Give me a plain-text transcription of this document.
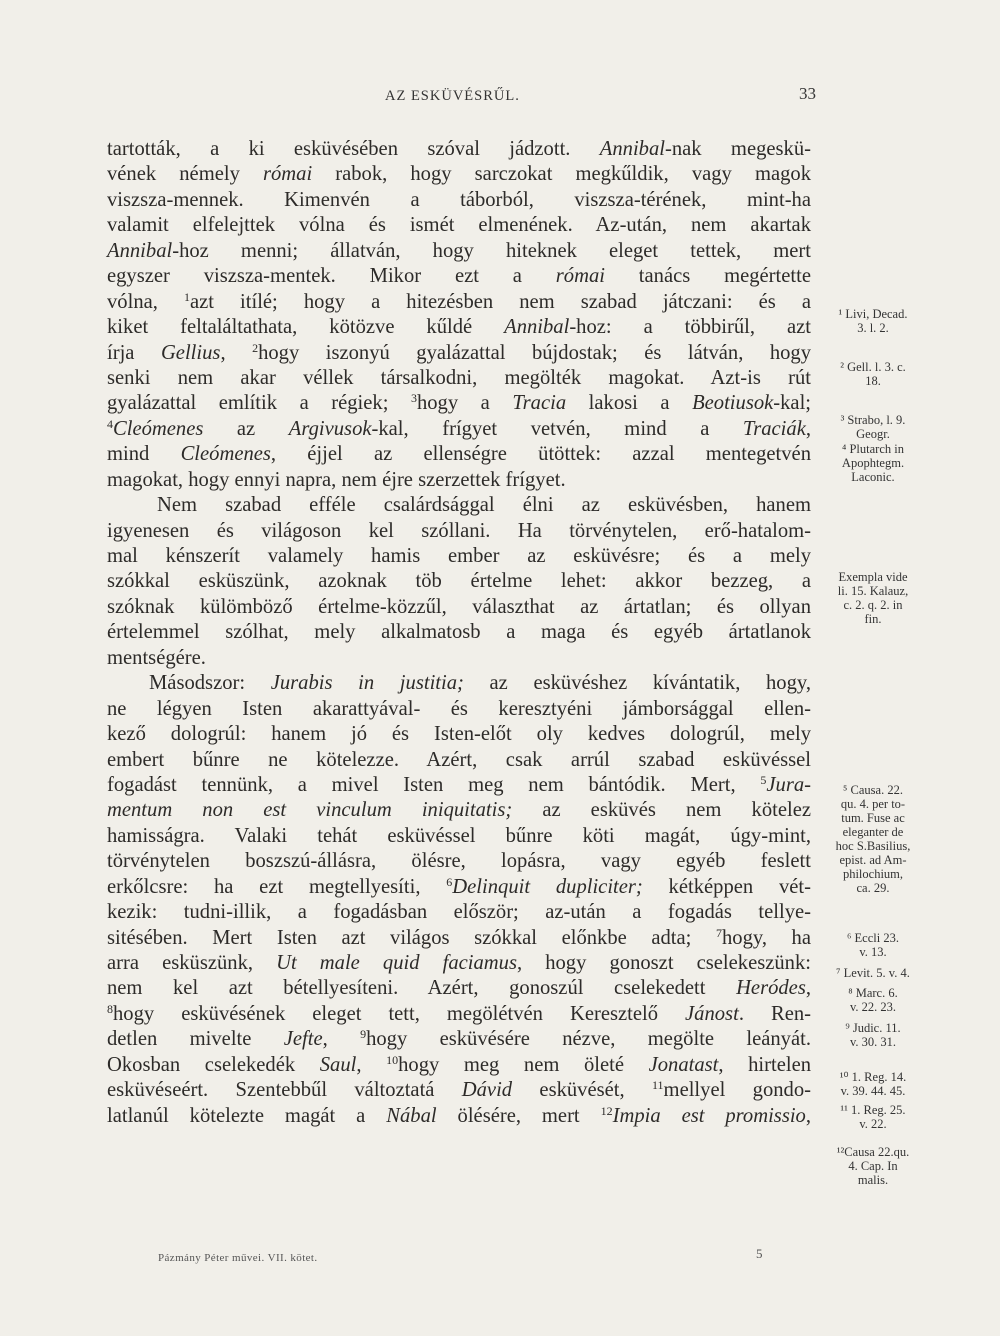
AZ ESKÜVÉSRŰL.	33
tartották, a ki esküvésében szóval jádzott. Annibal-nak megeskü-
vének némely római rabok, hogy sarczokat megkűldik, vagy magok
viszsza-mennek. Kimenvén a táborból, viszsza-térének, mint-ha
valamit elfelejttek vólna és ismét elmenének. Az-után, nem akartak
Annibal-hoz menni; állatván, hogy hiteknek eleget tettek, mert
egyszer viszsza-mentek. Mikor ezt a római tanács megértette
vólna, $^1$azt itílé; hogy a hitezésben nem szabad játczani: és a
kiket feltaláltathata, kötözve kűldé Annibal-hoz: a többirűl, azt
írja Gellius, $^2$hogy iszonyú gyalázattal bújdostak; és látván, hogy
senki nem akar véllek társalkodni, megölték magokat. Azt-is rút
gyalázattal említik a régiek; $^3$hogy a Tracia lakosi a Beotiusok-kal;
$^4$Cleómenes az Argivusok-kal, frígyet vetvén, mind a Traciák,
mind Cleómenes, éjjel az ellenségre ütöttek: azzal mentegetvén
magokat, hogy ennyi napra, nem éjre szerzettek frígyet.
Nem szabad efféle csalárdsággal élni az esküvésben, hanem
igyenesen és világoson kel szóllani. Ha törvénytelen, erő-hatalom-
mal kénszerít valamely hamis ember az esküvésre; és a mely
szókkal esküszünk, azoknak töb értelme lehet: akkor bezzeg, a
szóknak külömböző értelme-közzűl, választhat az ártatlan; és ollyan
értelemmel szólhat, mely alkalmatosb a maga és egyéb ártatlanok
mentségére.
Másodszor: Jurabis in justitia; az esküvéshez kívántatik, hogy,
ne légyen Isten akarattyával- és keresztyéni jámborsággal ellen-
kező dologrúl: hanem jó és Isten-előt oly kedves dologrúl, mely
embert bűnre ne kötelezze. Azért, csak arrúl szabad esküvéssel
fogadást tennünk, a mivel Isten meg nem bántódik. Mert, $^5$Jura-
mentum non est vinculum iniquitatis; az esküvés nem kötelez
hamisságra. Valaki tehát esküvéssel bűnre köti magát, úgy-mint,
törvénytelen boszszú-állásra, ölésre, lopásra, vagy egyéb feslett
erkőlcsre: ha ezt megtellyesíti, $^6$Delinquit dupliciter; kétképpen vét-
kezik: tudni-illik, a fogadásban először; az-után a fogadás tellye-
sitésében. Mert Isten azt világos szókkal előnkbe adta; $^7$hogy, ha
arra esküszünk, Ut male quid faciamus, hogy gonoszt cselekeszünk:
nem kel azt bétellyesíteni. Azért, gonoszúl cselekedett Heródes,
$^8$hogy esküvésének eleget tett, megölétvén Keresztelő Jánost. Ren-
detlen mivelte Jefte, $^9$hogy esküvésére nézve, megölte leányát.
Okosban cselekedék Saul, $^{10}$hogy meg nem öleté Jonatast, hirtelen
esküvéseért. Szentebbűl változtatá Dávid esküvését, $^{11}$mellyel gondo-
latlanúl kötelezte magát a Nábal ölésére, mert $^{12}$Impia est promissio,
¹ Livi, Decad.
3. l. 2.
² Gell. l. 3. c.
18.
³ Strabo, l. 9.
Geogr.
⁴ Plutarch in
Apophtegm.
Laconic.
Exempla vide
li. 15. Kalauz,
c. 2. q. 2. in
fin.
⁵ Causa. 22.
qu. 4. per to-
tum. Fuse ac
eleganter de
hoc S.Basilius,
epist. ad Am-
philochium,
ca. 29.
⁶ Eccli 23.
v. 13.
⁷ Levit. 5. v. 4.
⁸ Marc. 6.
v. 22. 23.
⁹ Judic. 11.
v. 30. 31.
¹⁰ 1. Reg. 14.
v. 39. 44. 45.
¹¹ 1. Reg. 25.
v. 22.
¹²Causa 22.qu.
4. Cap. In
malis.
Pázmány Péter művei. VII. kötet.	5
